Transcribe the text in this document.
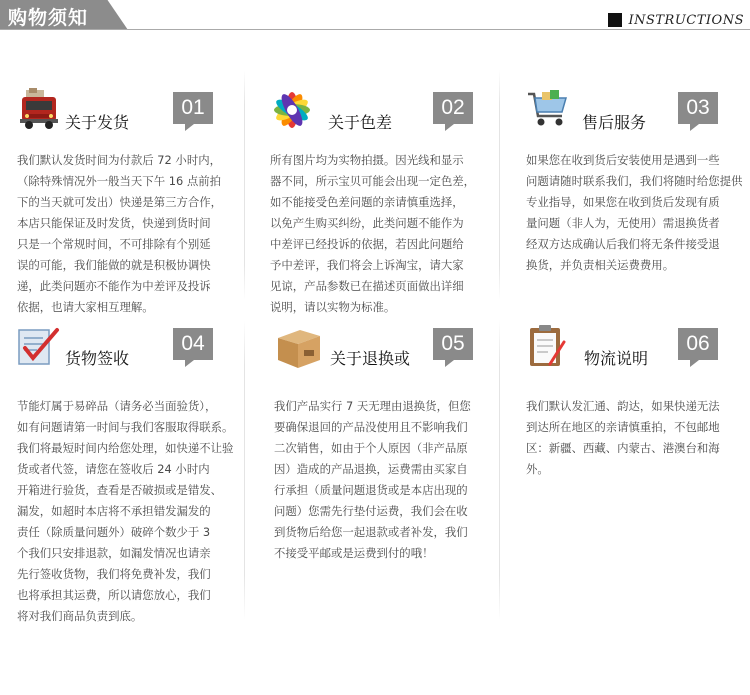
购物须知	INSTRUCTIONS
关于发货
01

我们默认发货时间为付款后 72 小时内，

（除特殊情况外一般当天下午 16 点前拍

下的当天就可发出）快递是第三方合作，

本店只能保证及时发货，快递到货时间

只是一个常规时间，不可排除有个别延

误的可能，我们能做的就是积极协调快

递，此类问题亦不能作为中差评及投诉

依据，也请大家相互理解。

关于色差
02

所有图片均为实物拍摄。因光线和显示

器不同，所示宝贝可能会出现一定色差，

如不能接受色差问题的亲请慎重选择，

以免产生购买纠纷，此类问题不能作为

中差评已经投诉的依据，若因此问题给

予中差评，我们将会上诉淘宝，请大家

见谅，产品参数已在描述页面做出详细

说明，请以实物为标准。

售后服务
03

如果您在收到货后安装使用是遇到一些

问题请随时联系我们，我们将随时给您提供

专业指导，如果您在收到货后发现有质

量问题（非人为，无使用）需退换货者

经双方达成确认后我们将无条件接受退

换货，并负责相关运费费用。

货物签收
04

节能灯属于易碎品（请务必当面验货），

如有问题请第一时间与我们客服取得联系。

我们将最短时间内给您处理，如快递不让验

货或者代签，请您在签收后 24 小时内

开箱进行验货，查看是否破损或是错发、

漏发，如超时本店将不承担错发漏发的

责任（除质量问题外）破碎个数少于 3

个我们只安排退款，如漏发情况也请亲

先行签收货物，我们将免费补发，我们

也将承担其运费，所以请您放心，我们

将对我们商品负责到底。

关于退换或
05

我们产品实行 7 天无理由退换货，但您

要确保退回的产品没使用且不影响我们

二次销售，如由于个人原因（非产品原

因）造成的产品退换，运费需由买家自

行承担（质量问题退货或是本店出现的

问题）您需先行垫付运费，我们会在收

到货物后给您一起退款或者补发，我们

不接受平邮或是运费到付的哦！

物流说明
06

我们默认发汇通、韵达，如果快递无法

到达所在地区的亲请慎重拍，不包邮地

区：新疆、西藏、内蒙古、港澳台和海

外。
